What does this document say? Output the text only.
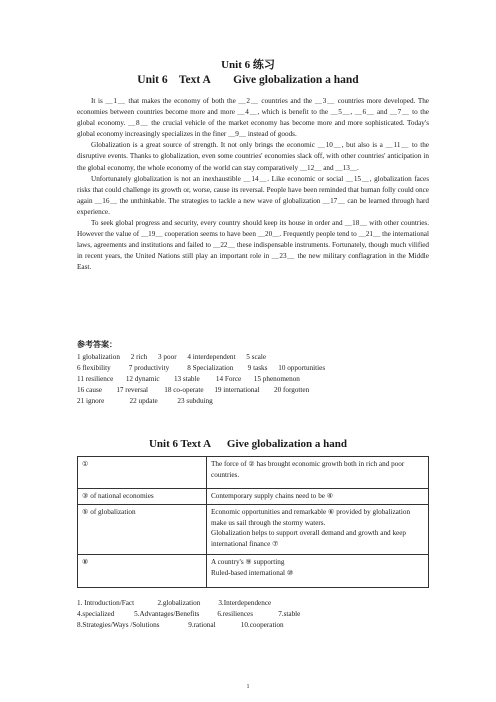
Unit 6 练习
Unit 6    Text A        Give globalization a hand

It is ＿1＿ that makes the economy of both the ＿2＿ countries and the ＿3＿ countries more developed. The economies between countries become more and more ＿4＿, which is benefit to the ＿5＿, ＿6＿ and ＿7＿ to the global economy. ＿8＿ the crucial vehicle of the market economy has become more and more sophisticated. Today's global economy increasingly specializes in the finer ＿9＿ instead of goods.

Globalization is a great source of strength. It not only brings the economic ＿10＿, but also is a ＿11＿ to the disruptive events. Thanks to globalization, even some countries' economies slack off, with other countries' anticipation in the global economy, the whole economy of the world can stay comparatively ＿12＿ and ＿13＿.

Unfortunately globalization is not an inexhaustible ＿14＿. Like economic or social ＿15＿, globalization faces risks that could challenge its growth or, worse, cause its reversal. People have been reminded that human folly could once again ＿16＿ the unthinkable. The strategies to tackle a new wave of globalization ＿17＿ can be learned through hard experience.

To seek global progress and security, every country should keep its house in order and ＿18＿ with other countries. However the value of ＿19＿ cooperation seems to have been ＿20＿. Frequently people tend to ＿21＿ the international laws, agreements and institutions and failed to ＿22＿ these indispensable instruments. Fortunately, though much vilified in recent years, the United Nations still play an important role in ＿23＿ the new military conflagration in the Middle East.

参考答案：
1 globalization      2 rich      3 poor      4 interdependent      5 scale
6 flexibility          7 productivity          8 Specialization        9 tasks      10 opportunities
11 resilience       12 dynamic        13 stable         14 Force       15 phenomenon
16 cause        17 reversal         18 co-operate      19 international        20 forgotten
21 ignore              22 update           23 subduing
Unit 6 Text A      Give globalization a hand
①	The force of ② has brought economic growth both in rich and poor countries.
③ of national economies	Contemporary supply chains need to be ④
⑤ of globalization	Economic opportunities and remarkable ⑥ provided by globalization make us sail through the stormy waters.
Globalization helps to support overall demand and growth and keep international finance ⑦
⑧	A country's ⑨ supporting
Ruled-based international ⑩
1. Introduction/Fact             2.globalization          3.Interdependence
4.specialized           5.Advantages/Benefits          6.resiliences              7.stable
8.Strategies/Ways /Solutions                9.rational              10.cooperation
1
